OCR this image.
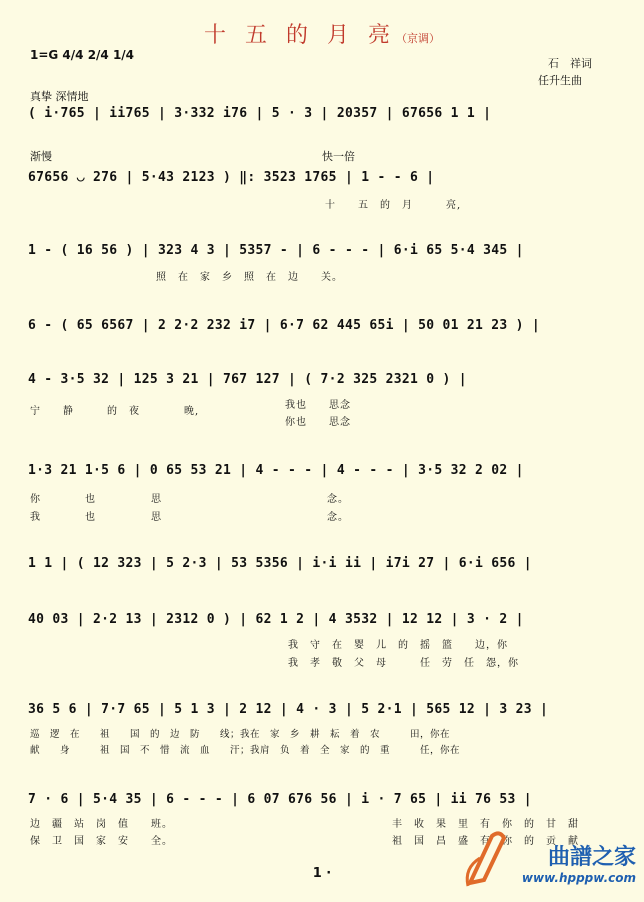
十 五 的 月 亮（京调）
石　祥词
任升生曲
1=G 4/4 2/4 1/4
真挚 深情地
( i·765 | ii765 | 3·332 i76 | 5 · 3 | 20357 | 67656 1 1 |
渐慢	快一倍
67656 ◡ 276 | 5·43 2123 ) ‖: 3523 1765 | 1 - - 6 |
十　　五　的　月　　　亮,
1 - ( 16 56 ) | 323 4 3 | 5357 - | 6 - - - | 6·i 65 5·4 345 |
照　在　家　乡　照　在　边　　关。
6 - ( 65 6567 | 2 2·2 232 i7 | 6·7 62 445 65i | 50 01 21 23 ) |
4 - 3·5 32 | 125 3 21 | 767 127 | ( 7·2 325 2321 0 ) |
宁　　静　　　的　夜　　　　晚,
我也　　思念
你也　　思念
1·3 21 1·5 6 | 0 65 53 21 | 4 - - - | 4 - - - | 3·5 32 2 02 |
你　　　　也　　　　　思　　　　　　　　　　　　　　　念。
我　　　　也　　　　　思　　　　　　　　　　　　　　　念。
1 1 | ( 12 323 | 5 2·3 | 53 5356 | i·i ii | i7i 27 | 6·i 656 |
40 03 | 2·2 13 | 2312 0 ) | 62 1 2 | 4 3532 | 12 12 | 3 · 2 |
我　守　在　婴　儿　的　摇　篮　　边，你
我　孝　敬　父　母　　　任　劳　任　怨，你
36 5 6 | 7·7 65 | 5 1 3 | 2 12 | 4 · 3 | 5 2·1 | 565 12 | 3 23 |
巡　逻　在　　祖　　国　的　边　防　　线；我在　家　乡　耕　耘　着　农　　　田，你在
献　　身　　　祖　国　不　惜　流　血　　汗；我肩　负　着　全　家　的　重　　　任，你在
7 · 6 | 5·4 35 | 6 - - - | 6 07 676 56 | i · 7 65 | ii 76 53 |
边　疆　站　岗　值　　班。
保　卫　国　家　安　　全。
丰　收　果　里　有　你　的　甘　甜
祖　国　昌　盛　有　你　的　贡　献
曲譜之家
www.hpppw.com
1 ·
